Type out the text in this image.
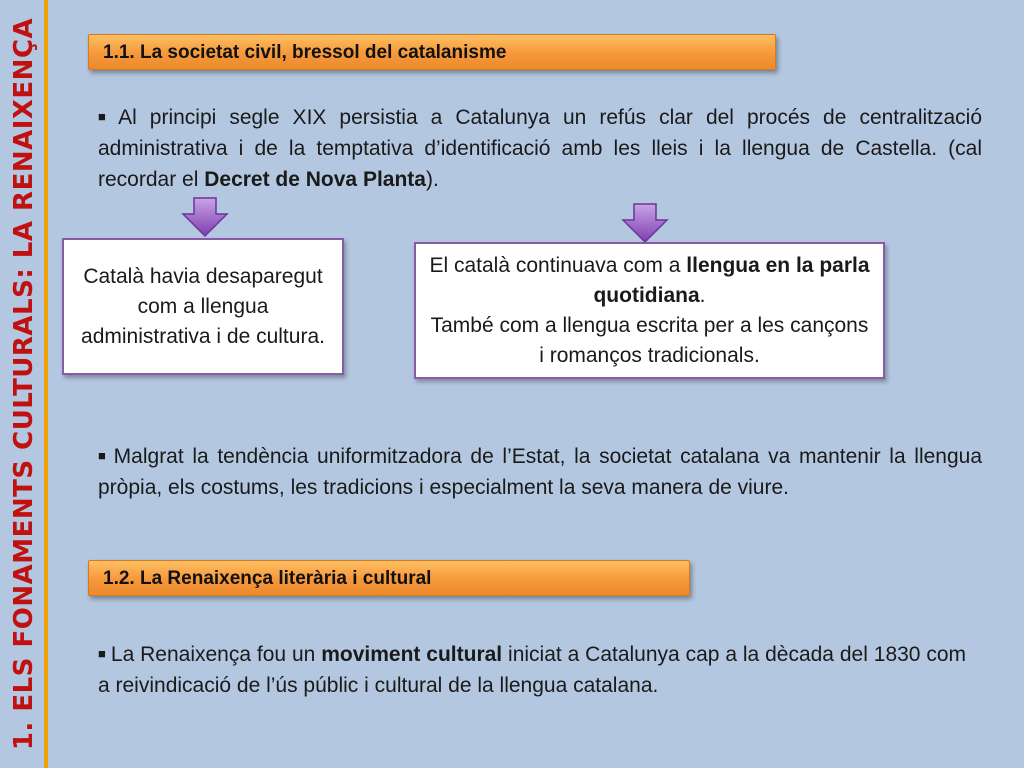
1. ELS FONAMENTS CULTURALS: LA RENAIXENÇA	1.1. La societat civil, bressol del catalanisme
■ Al principi segle XIX persistia a Catalunya un refús clar del procés de centralització administrativa i de la temptativa d’identificació amb les lleis i la llengua de Castella. (cal recordar el Decret de Nova Planta).
Català havia desaparegut com a llengua administrativa i de cultura.
El català continuava com a llengua en la parla quotidiana.
També com a llengua escrita per a les cançons i romanços tradicionals.
■ Malgrat la tendència uniformitzadora de l’Estat, la societat catalana va mantenir la llengua pròpia, els costums, les tradicions i especialment la seva manera de viure.
1.2. La Renaixença literària i cultural
■ La Renaixença fou un moviment cultural iniciat a Catalunya cap a la dècada del 1830 com a reivindicació de l’ús públic i cultural de la llengua catalana.
